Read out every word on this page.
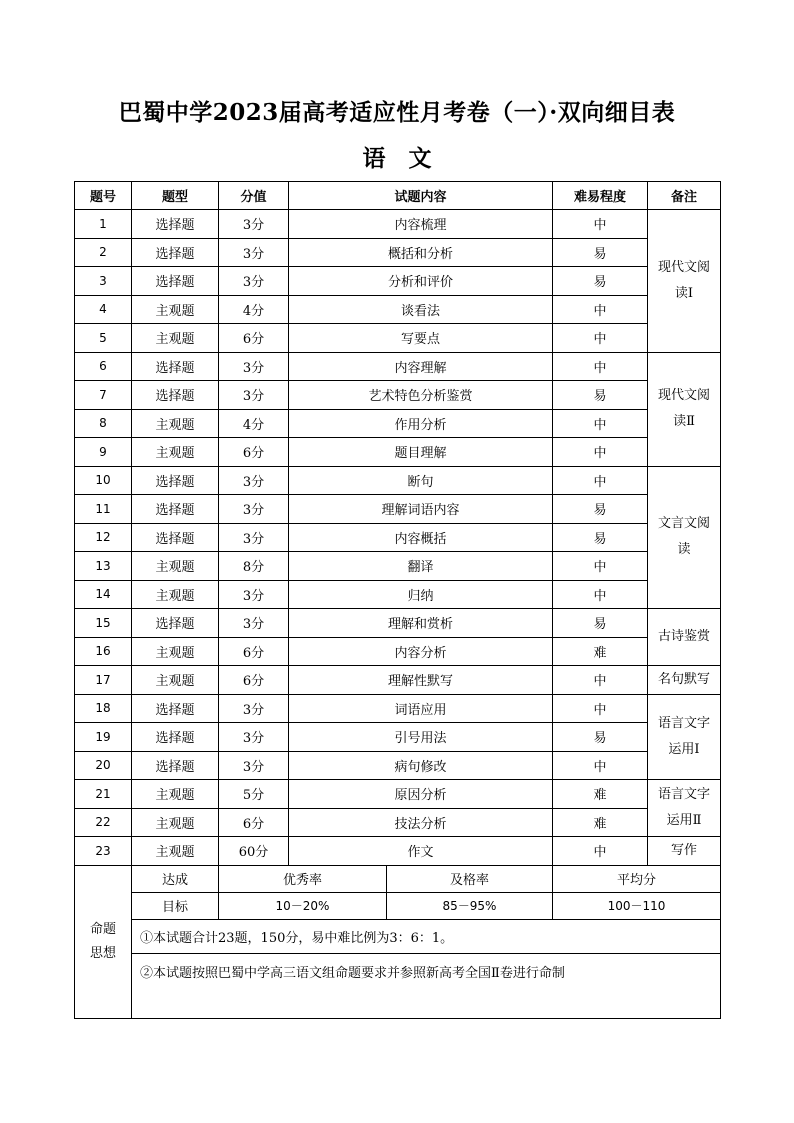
巴蜀中学2023届高考适应性月考卷（一）·双向细目表
语　文
题号	题型	分值	试题内容		难易程度	备注
1	选择题	3分	内容梳理		中	现代文阅读Ⅰ

2	选择题	3分	概括和分析		易	
3	选择题	3分	分析和评价		易	
4	主观题	4分	谈看法		中	
5	主观题	6分	写要点		中	
6	选择题	3分	内容理解		中	现代文阅读Ⅱ

7	选择题	3分	艺术特色分析鉴赏		易	
8	主观题	4分	作用分析		中	
9	主观题	6分	题目理解		中	
10	选择题	3分	断句		中	文言文阅读

11	选择题	3分	理解词语内容		易	
12	选择题	3分	内容概括		易	
13	主观题	8分	翻译		中	
14	主观题	3分	归纳		中	
15	选择题	3分	理解和赏析		易	古诗鉴赏

16	主观题	6分	内容分析		难	
17	主观题	6分	理解性默写		中	名句默写

18	选择题	3分	词语应用		中	语言文字运用Ⅰ

19	选择题	3分	引号用法		易	
20	选择题	3分	病句修改		中	
21	主观题	5分	原因分析		难	语言文字运用Ⅱ

22	主观题	6分	技法分析		难	
23	主观题	60分	作文		中	写作

命题思想	达成	优秀率		及格率	平均分	
	目标	10－20%		85－95%	100－110	
	①本试题合计23题，150分，易中难比例为3：6：1。					
	②本试题按照巴蜀中学高三语文组命题要求并参照新高考全国Ⅱ卷进行命制					
